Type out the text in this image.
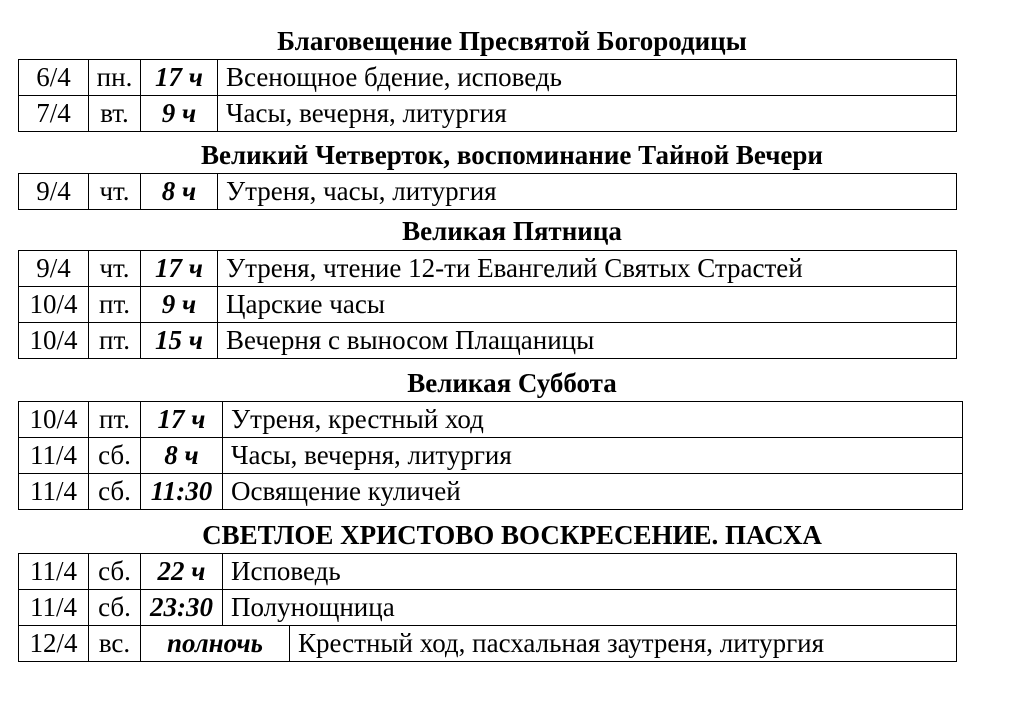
Благовещение Пресвятой Богородицы
6/4	пн.	17 ч	Всенощное бдение, исповедь
7/4	вт.	9 ч	Часы, вечерня, литургия
Великий Четверток, воспоминание Тайной Вечери
9/4	чт.	8 ч	Утреня, часы, литургия
Великая Пятница
9/4	чт.	17 ч	Утреня, чтение 12-ти Евангелий Святых Страстей
10/4	пт.	9 ч	Царские часы
10/4	пт.	15 ч	Вечерня с выносом Плащаницы
Великая Суббота
10/4	пт.	17 ч	Утреня, крестный ход
11/4	сб.	8 ч	Часы, вечерня, литургия
11/4	сб.	11:30	Освящение куличей
СВЕТЛОЕ ХРИСТОВО ВОСКРЕСЕНИЕ. ПАСХА
11/4	сб.	22 ч	Исповедь	
11/4	сб.	23:30	Полунощница	
12/4	вс.	полночь		Крестный ход, пасхальная заутреня, литургия
